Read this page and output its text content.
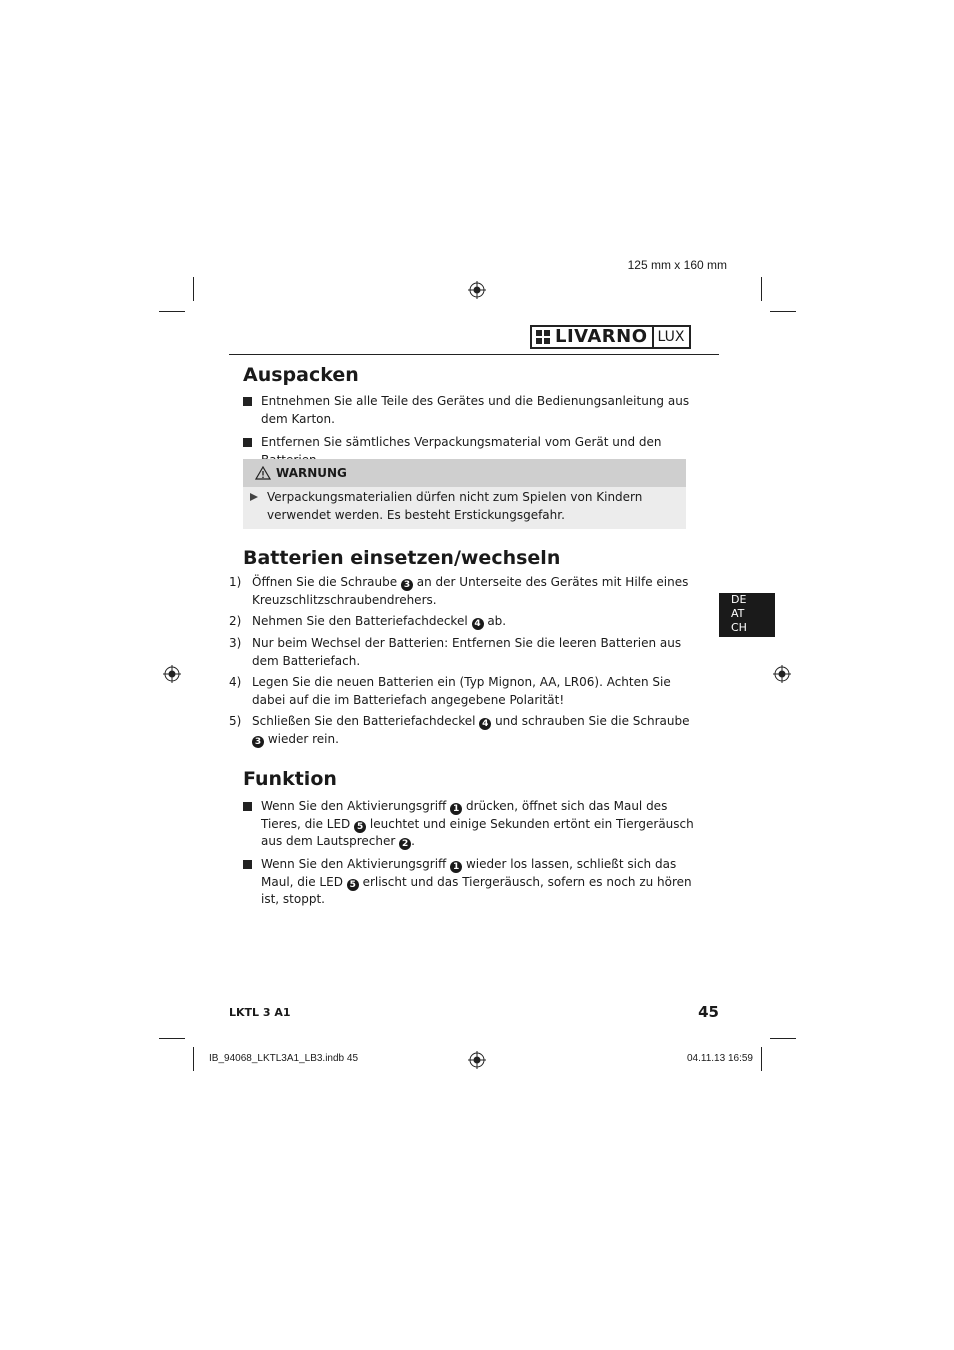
125 mm x 160 mm
LIVARNO LUX
Auspacken
Entnehmen Sie alle Teile des Gerätes und die Bedienungsanleitung aus dem Karton.
Entfernen Sie sämtliches Verpackungsmaterial vom Gerät und den
WARNUNG
Verpackungsmaterialien dürfen nicht zum Spielen von Kindern verwendet werden. Es besteht Erstickungsgefahr.
Batterien einsetzen/wechseln
1) Öffnen Sie die Schraube 3 an der Unterseite des Gerätes mit Hilfe eines Kreuzschlitzschraubendrehers.
2) Nehmen Sie den Batteriefachdeckel 4 ab.
3) Nur beim Wechsel der Batterien: Entfernen Sie die leeren Batterien aus dem Batteriefach.
4) Legen Sie die neuen Batterien ein (Typ Mignon, AA, LR06). Achten Sie dabei auf die im Batteriefach angegebene Polarität!
5) Schließen Sie den Batteriefachdeckel 4 und schrauben Sie die Schraube 3 wieder rein.
Funktion
Wenn Sie den Aktivierungsgriff 1 drücken, öffnet sich das Maul des Tieres, die LED 5 leuchtet und einige Sekunden ertönt ein Tiergeräusch aus dem Lautsprecher 2 .
Wenn Sie den Aktivierungsgriff 1 wieder los lassen, schließt sich das Maul, die LED 5 erlischt und das Tiergeräusch, sofern es noch zu hören ist, stoppt.
DE
AT
CH
LKTL 3 A1	45
IB_94068_LKTL3A1_LB3.indb 45	04.11.13 16:59
